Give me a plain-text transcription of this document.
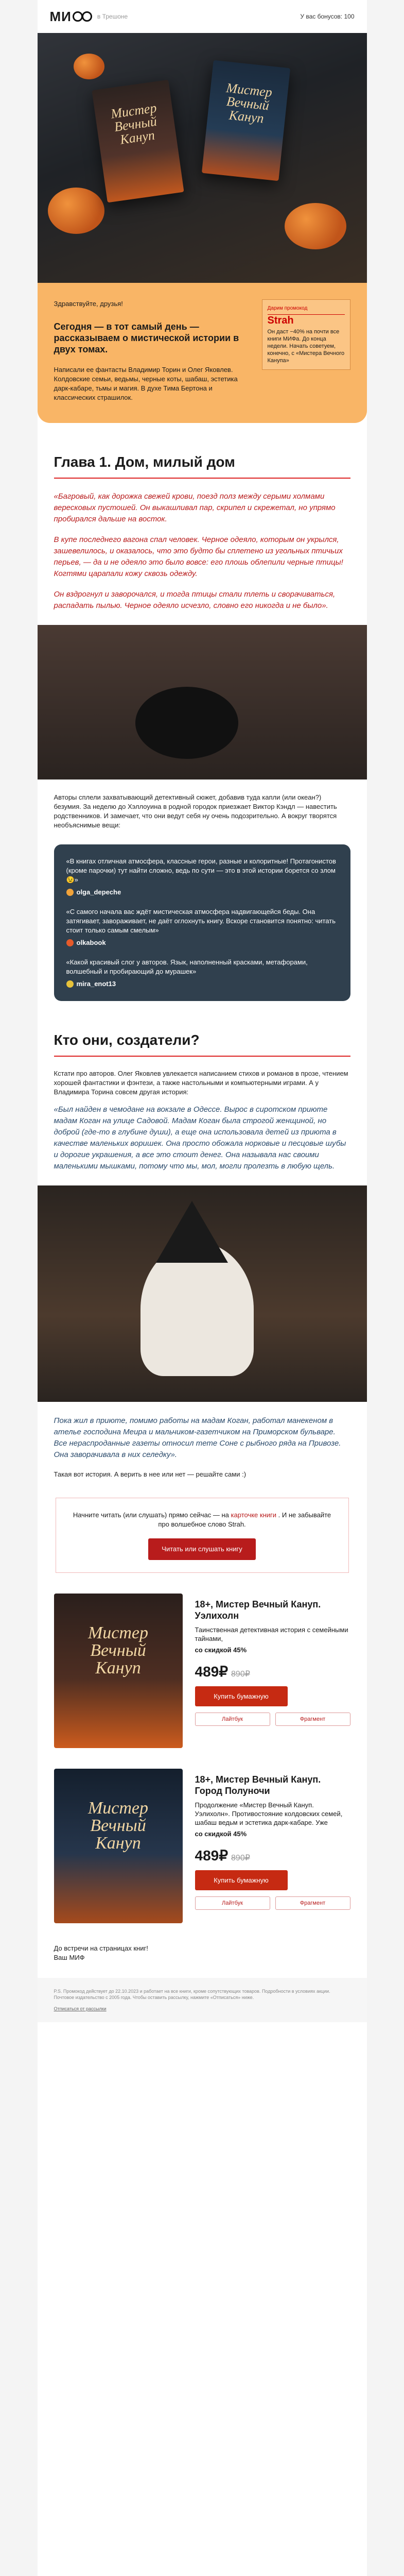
МИ	в Трешоне	У вас бонусов: 100
Мистер Вечный Кануп
Мистер Вечный Кануп
Здравствуйте, друзья!
Сегодня — в тот самый день — рассказываем о мистической истории в двух томах.
Написали ее фантасты Владимир Торин и Олег Яковлев. Колдовские семьи, ведьмы, черные коты, шабаш, эстетика дарк-кабаре, тьмы и магия. В духе Тима Бертона и классических страшилок.
Дарим промокод
Strah
Он даст −40% на почти все книги МИФа. До конца недели. Начать советуем, конечно, с «Мистера Вечного Канупа»
Глава 1. Дом, милый дом

«Багровый, как дорожка свежей крови, поезд полз между серыми холмами вересковых пустошей. Он выкашливал пар, скрипел и скрежетал, но упрямо пробирался дальше на восток.

В купе последнего вагона спал человек. Черное одеяло, которым он укрылся, зашевелилось, и оказалось, что это будто бы сплетено из угольных птичьих перьев, — да и не одеяло это было вовсе: его плошь облепили черные птицы! Когтями царапали кожу сквозь одежду.

Он вздрогнул и заворочался, и тогда птицы стали тлеть и сворачиваться, распадать пылью. Черное одеяло исчезло, словно его никогда и не было».

Авторы сплели захватывающий детективный сюжет, добавив туда капли (или океан?) безумия. За неделю до Хэллоуина в родной городок приезжает Виктор Кэндл — навестить родственников. И замечает, что они ведут себя ну очень подозрительно. А вокруг творятся необъяснимые вещи:

«В книгах отличная атмосфера, классные герои, разные и колоритные! Протагонистов (кроме парочки) тут найти сложно, ведь по сути — это в этой истории борется со злом 😉»
olga_depeche
«С самого начала вас ждёт мистическая атмосфера надвигающейся беды. Она затягивает, завораживает, не даёт оглохнуть книгу. Вскоре становится понятно: читать стоит только самым смелым»
olkabook
«Какой красивый слог у авторов. Язык, наполненный красками, метафорами, волшебный и пробирающий до мурашек»
mira_enot13
Кто они, создатели?

Кстати про авторов. Олег Яковлев увлекается написанием стихов и романов в прозе, чтением хорошей фантастики и фэнтези, а также настольными и компьютерными играми. А у Владимира Торина совсем другая история:

«Был найден в чемодане на вокзале в Одессе. Вырос в сиротском приюте мадам Коган на улице Садовой. Мадам Коган была строгой женщиной, но доброй (где-то в глубине души), а еще она использовала детей из приюта в качестве маленьких воришек. Она просто обожала норковые и песцовые шубы и дорогие украшения, а все это стоит денег. Она называла нас своими маленькими мышками, потому что мы, мол, могли пролезть в любую щель.

Пока жил в приюте, помимо работы на мадам Коган, работал манекеном в ателье господина Меира и мальчиком-газетчиком на Приморском бульваре. Все нераспроданные газеты относил тете Соне с рыбного ряда на Привозе. Она заворачивала в них селедку».

Такая вот история. А верить в нее или нет — решайте сами :)

Начните читать (или слушать) прямо сейчас — на карточке книги . И не забывайте про волшебное слово Strah.
Читать или слушать книгу
Мистер
Вечный
Кануп
18+, Мистер Вечный Кануп. Уэлихолн
Таинственная детективная история с семейными тайнами,
со скидкой 45%
489₽ 890₽
Купить бумажную
Лайтбук	Фрагмент
Мистер
Вечный
Кануп
18+, Мистер Вечный Кануп. Город Полуночи
Продолжение «Мистер Вечный Кануп. Уэлихолн». Противостояние колдовских семей, шабаш ведьм и эстетика дарк-кабаре. Уже
со скидкой 45%
489₽ 890₽
Купить бумажную
Лайтбук	Фрагмент
До встречи на страницах книг!
Ваш МИФ
P.S. Промокод действует до 22.10.2023 и работает на все книги, кроме сопутствующих товаров. Подробности в условиях акции. Почтовое издательство с 2005 года. Чтобы оставить рассылку, нажмите «Отписаться» ниже.
Отписаться от рассылки
